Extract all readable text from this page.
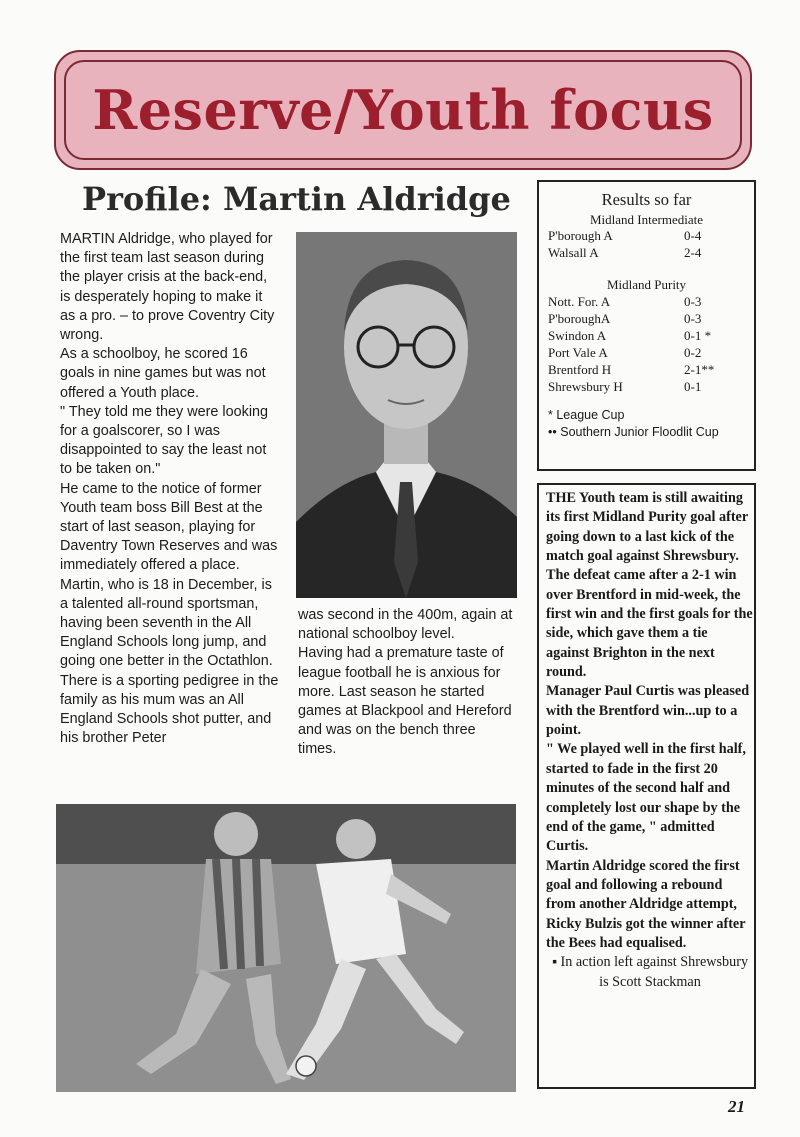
Reserve/Youth focus
Profile: Martin Aldridge

MARTIN Aldridge, who played for the first team last season during the player crisis at the back-end, is desperately hoping to make it as a pro. – to prove Coventry City wrong.

As a schoolboy, he scored 16 goals in nine games but was not offered a Youth place.

" They told me they were looking for a goalscorer, so I was disappointed to say the least not to be taken on."

He came to the notice of former Youth team boss Bill Best at the start of last season, playing for Daventry Town Reserves and was immediately offered a place.

Martin, who is 18 in December, is a talented all-round sportsman, having been seventh in the All England Schools long jump, and going one better in the Octathlon.

There is a sporting pedigree in the family as his mum was an All England Schools shot putter, and his brother Peter

was second in the 400m, again at national schoolboy level.

Having had a premature taste of league football he is anxious for more. Last season he started games at Blackpool and Hereford and was on the bench three times.

Results so far
Midland Intermediate
P'borough A	0-4
Walsall A	2-4
Midland Purity
Nott. For. A	0-3
P'boroughA	0-3
Swindon A	0-1 *
Port Vale A	0-2
Brentford H	2-1**
Shrewsbury H	0-1
* League Cup
•• Southern Junior Floodlit Cup

THE Youth team is still awaiting its first Midland Purity goal after going down to a last kick of the match goal against Shrewsbury.

The defeat came after a 2-1 win over Brentford in mid-week, the first win and the first goals for the side, which gave them a tie against Brighton in the next round.

Manager Paul Curtis was pleased with the Brentford win...up to a point.

" We played well in the first half, started to fade in the first 20 minutes of the second half and completely lost our shape by the end of the game, " admitted Curtis.

Martin Aldridge scored the first goal and following a rebound from another Aldridge attempt, Ricky Bulzis got the winner after the Bees had equalised.

▪ In action left against Shrewsbury is Scott Stackman

21
